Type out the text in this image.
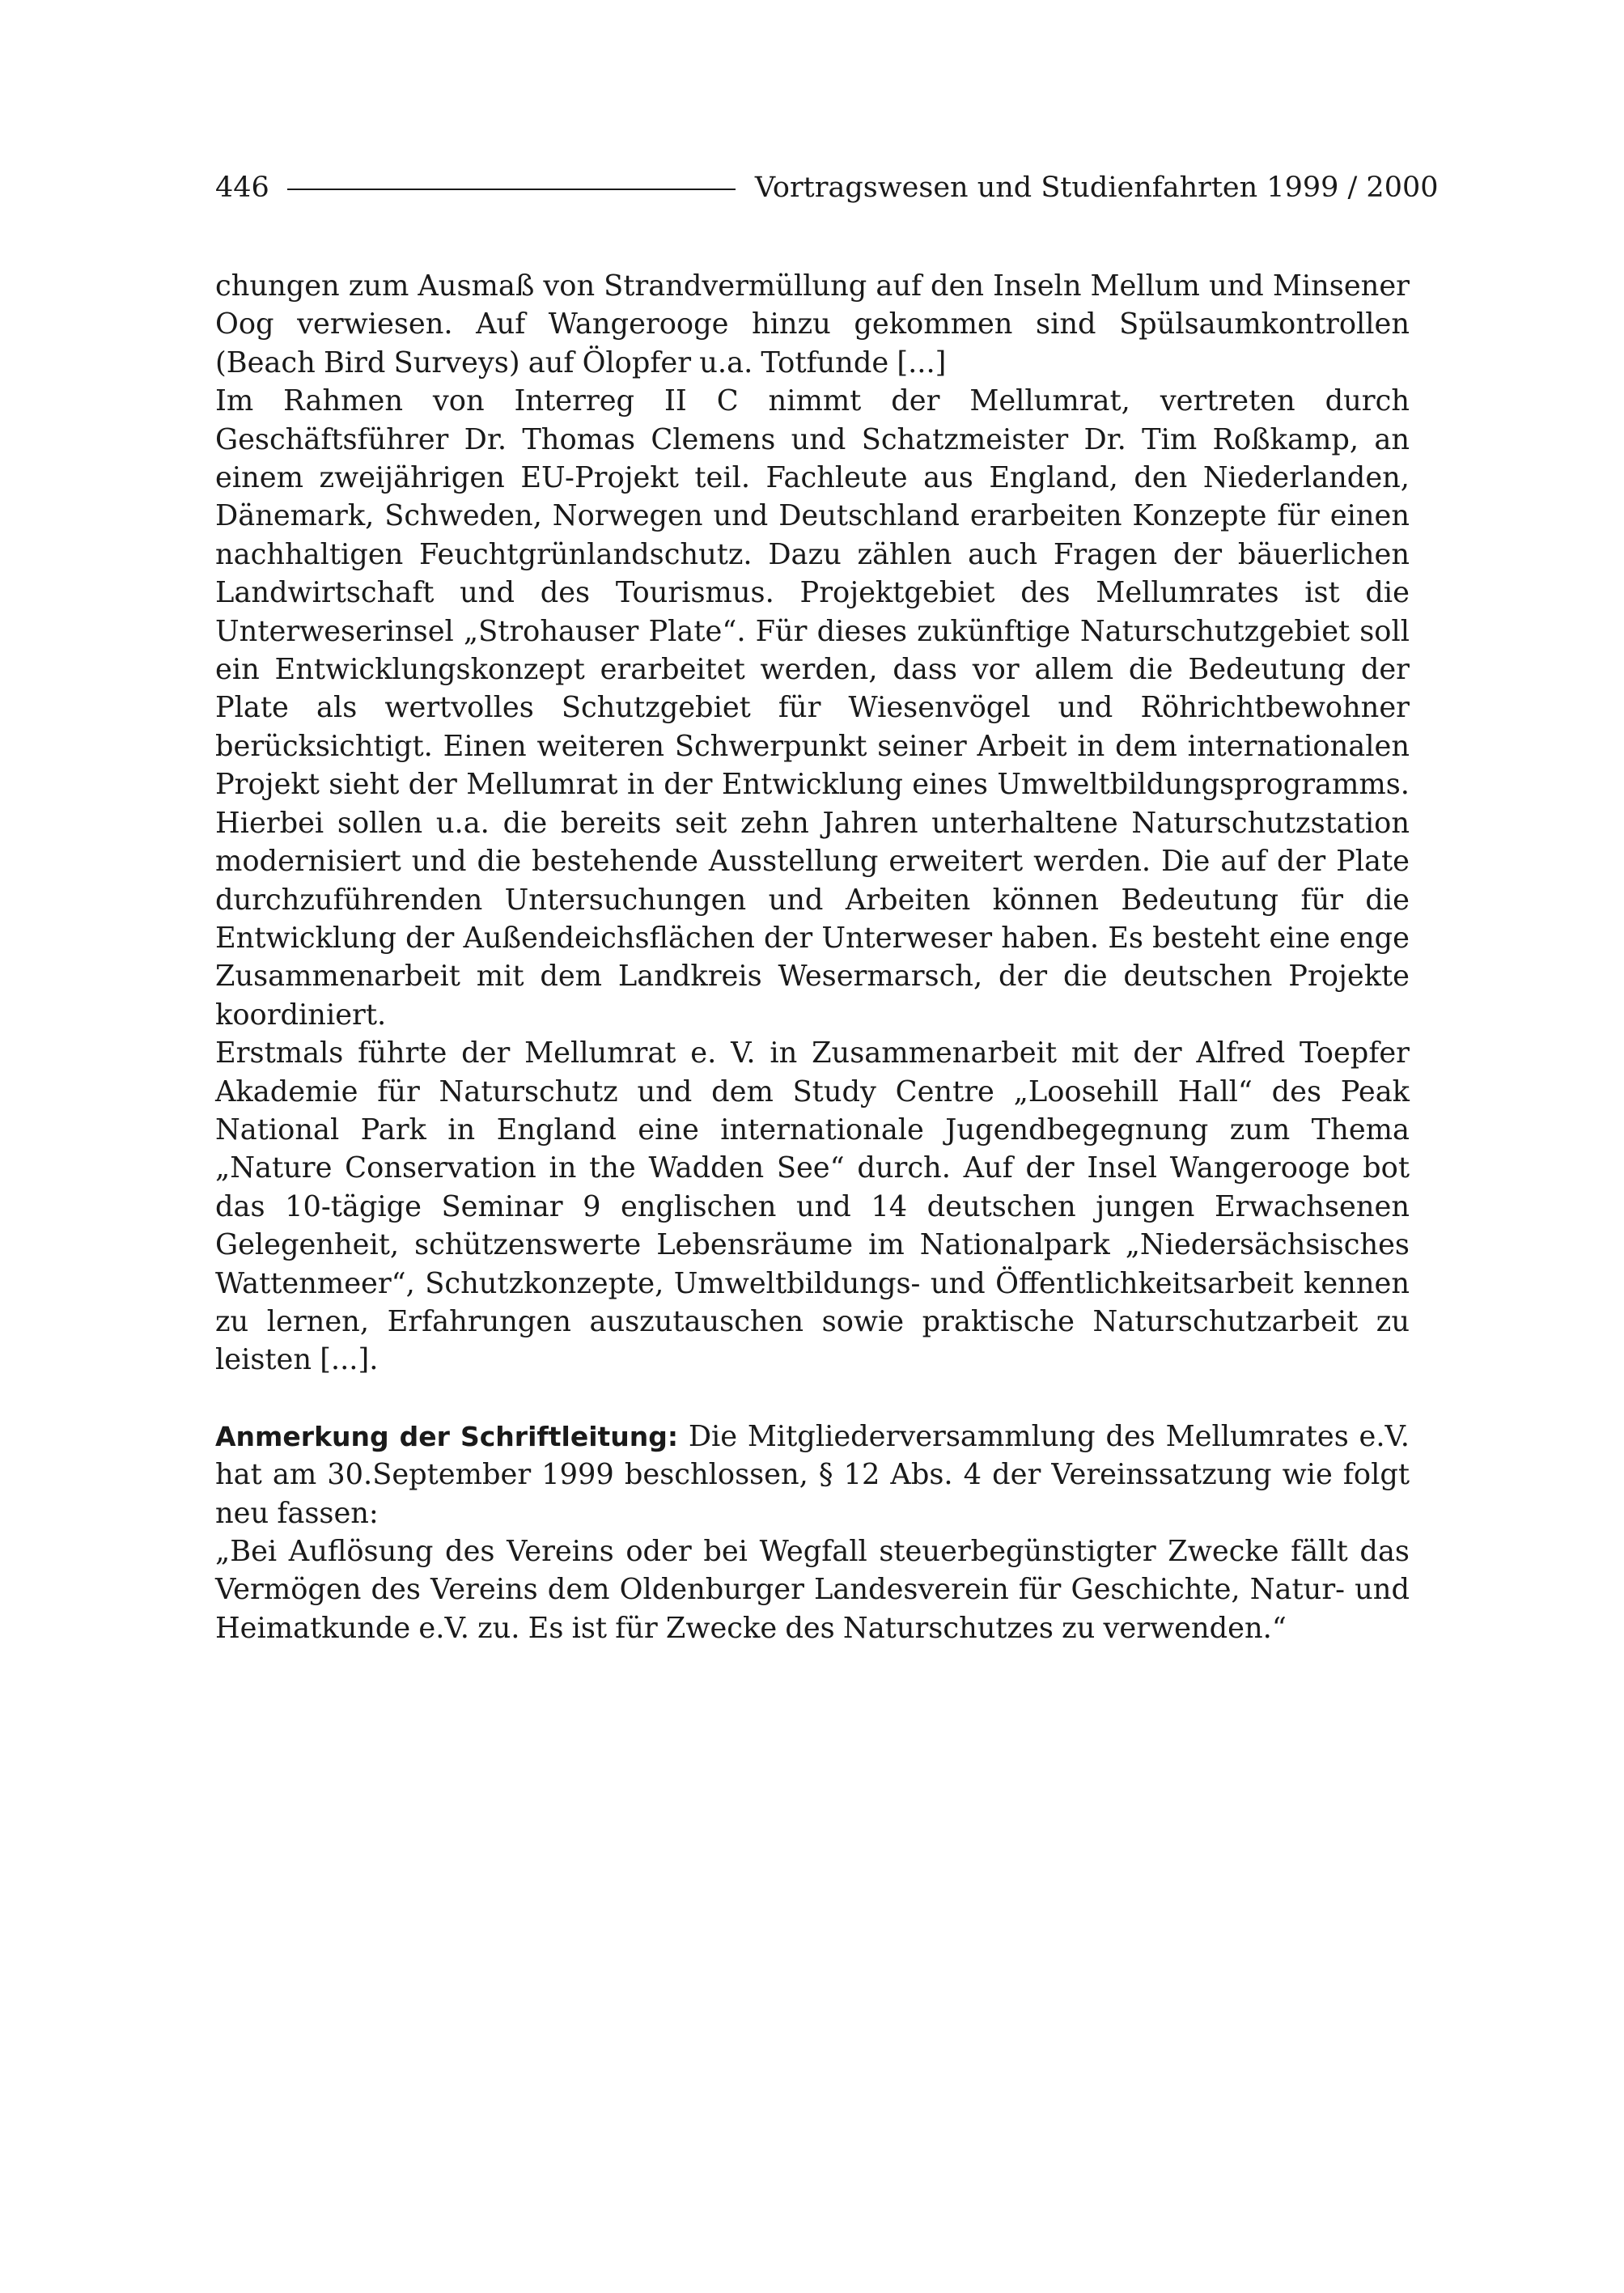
446	Vortragswesen und Studienfahrten 1999 / 2000

chungen zum Ausmaß von Strandvermüllung auf den Inseln Mellum und Minsener Oog verwiesen. Auf Wangerooge hinzu gekommen sind Spülsaumkontrollen (Beach Bird Surveys) auf Ölopfer u.a. Totfunde [...]

Im Rahmen von Interreg II C nimmt der Mellumrat, vertreten durch Geschäftsführer Dr. Thomas Clemens und Schatzmeister Dr. Tim Roßkamp, an einem zweijährigen EU-Projekt teil. Fachleute aus England, den Niederlanden, Dänemark, Schweden, Norwegen und Deutschland erarbeiten Konzepte für einen nachhaltigen Feuchtgrünlandschutz. Dazu zählen auch Fragen der bäuerlichen Landwirtschaft und des Tourismus. Projektgebiet des Mellumrates ist die Unterweserinsel „Strohauser Plate“. Für dieses zukünftige Naturschutzgebiet soll ein Entwicklungskonzept erarbeitet werden, dass vor allem die Bedeutung der Plate als wertvolles Schutzgebiet für Wiesenvögel und Röhrichtbewohner berücksichtigt. Einen weiteren Schwerpunkt seiner Arbeit in dem internationalen Projekt sieht der Mellumrat in der Entwicklung eines Umweltbildungsprogramms. Hierbei sollen u.a. die bereits seit zehn Jahren unterhaltene Naturschutzstation modernisiert und die bestehende Ausstellung erweitert werden. Die auf der Plate durchzuführenden Untersuchungen und Arbeiten können Bedeutung für die Entwicklung der Außendeichsflächen der Unterweser haben. Es besteht eine enge Zusammenarbeit mit dem Landkreis Wesermarsch, der die deutschen Projekte koordiniert.

Erstmals führte der Mellumrat e. V. in Zusammenarbeit mit der Alfred Toepfer Akademie für Naturschutz und dem Study Centre „Loosehill Hall“ des Peak National Park in England eine internationale Jugendbegegnung zum Thema „Nature Conservation in the Wadden See“ durch. Auf der Insel Wangerooge bot das 10-tägige Seminar 9 englischen und 14 deutschen jungen Erwachsenen Gelegenheit, schützenswerte Lebensräume im Nationalpark „Niedersächsisches Wattenmeer“, Schutzkonzepte, Umweltbildungs- und Öffentlichkeitsarbeit kennen zu lernen, Erfahrungen auszutauschen sowie praktische Naturschutzarbeit zu leisten [...].

Anmerkung der Schriftleitung: Die Mitgliederversammlung des Mellumrates e.V. hat am 30.September 1999 beschlossen, § 12 Abs. 4 der Vereinssatzung wie folgt neu fassen:

„Bei Auflösung des Vereins oder bei Wegfall steuerbegünstigter Zwecke fällt das Vermögen des Vereins dem Oldenburger Landesverein für Geschichte, Natur- und Heimatkunde e.V. zu. Es ist für Zwecke des Naturschutzes zu verwenden.“
